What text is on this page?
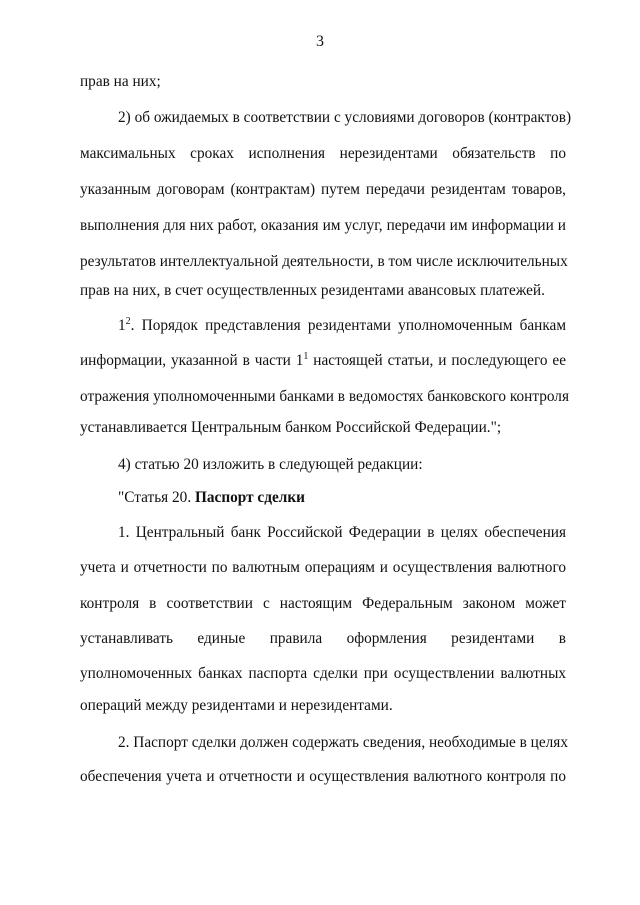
3
прав на них;
2) об ожидаемых в соответствии с условиями договоров (контрактов)
максимальных сроках исполнения нерезидентами обязательств по
указанным договорам (контрактам) путем передачи резидентам товаров,
выполнения для них работ, оказания им услуг, передачи им информации и
результатов интеллектуальной деятельности, в том числе исключительных
прав на них, в счет осуществленных резидентами авансовых платежей.
$1^2$. Порядок представления резидентами уполномоченным банкам
информации, указанной в части $1^1$ настоящей статьи, и последующего ее
отражения уполномоченными банками в ведомостях банковского контроля
устанавливается Центральным банком Российской Федерации.";
4) статью 20 изложить в следующей редакции:
"Статья 20. Паспорт сделки
1. Центральный банк Российской Федерации в целях обеспечения
учета и отчетности по валютным операциям и осуществления валютного
контроля в соответствии с настоящим Федеральным законом может
устанавливать единые правила оформления резидентами в
уполномоченных банках паспорта сделки при осуществлении валютных
операций между резидентами и нерезидентами.
2. Паспорт сделки должен содержать сведения, необходимые в целях
обеспечения учета и отчетности и осуществления валютного контроля по
